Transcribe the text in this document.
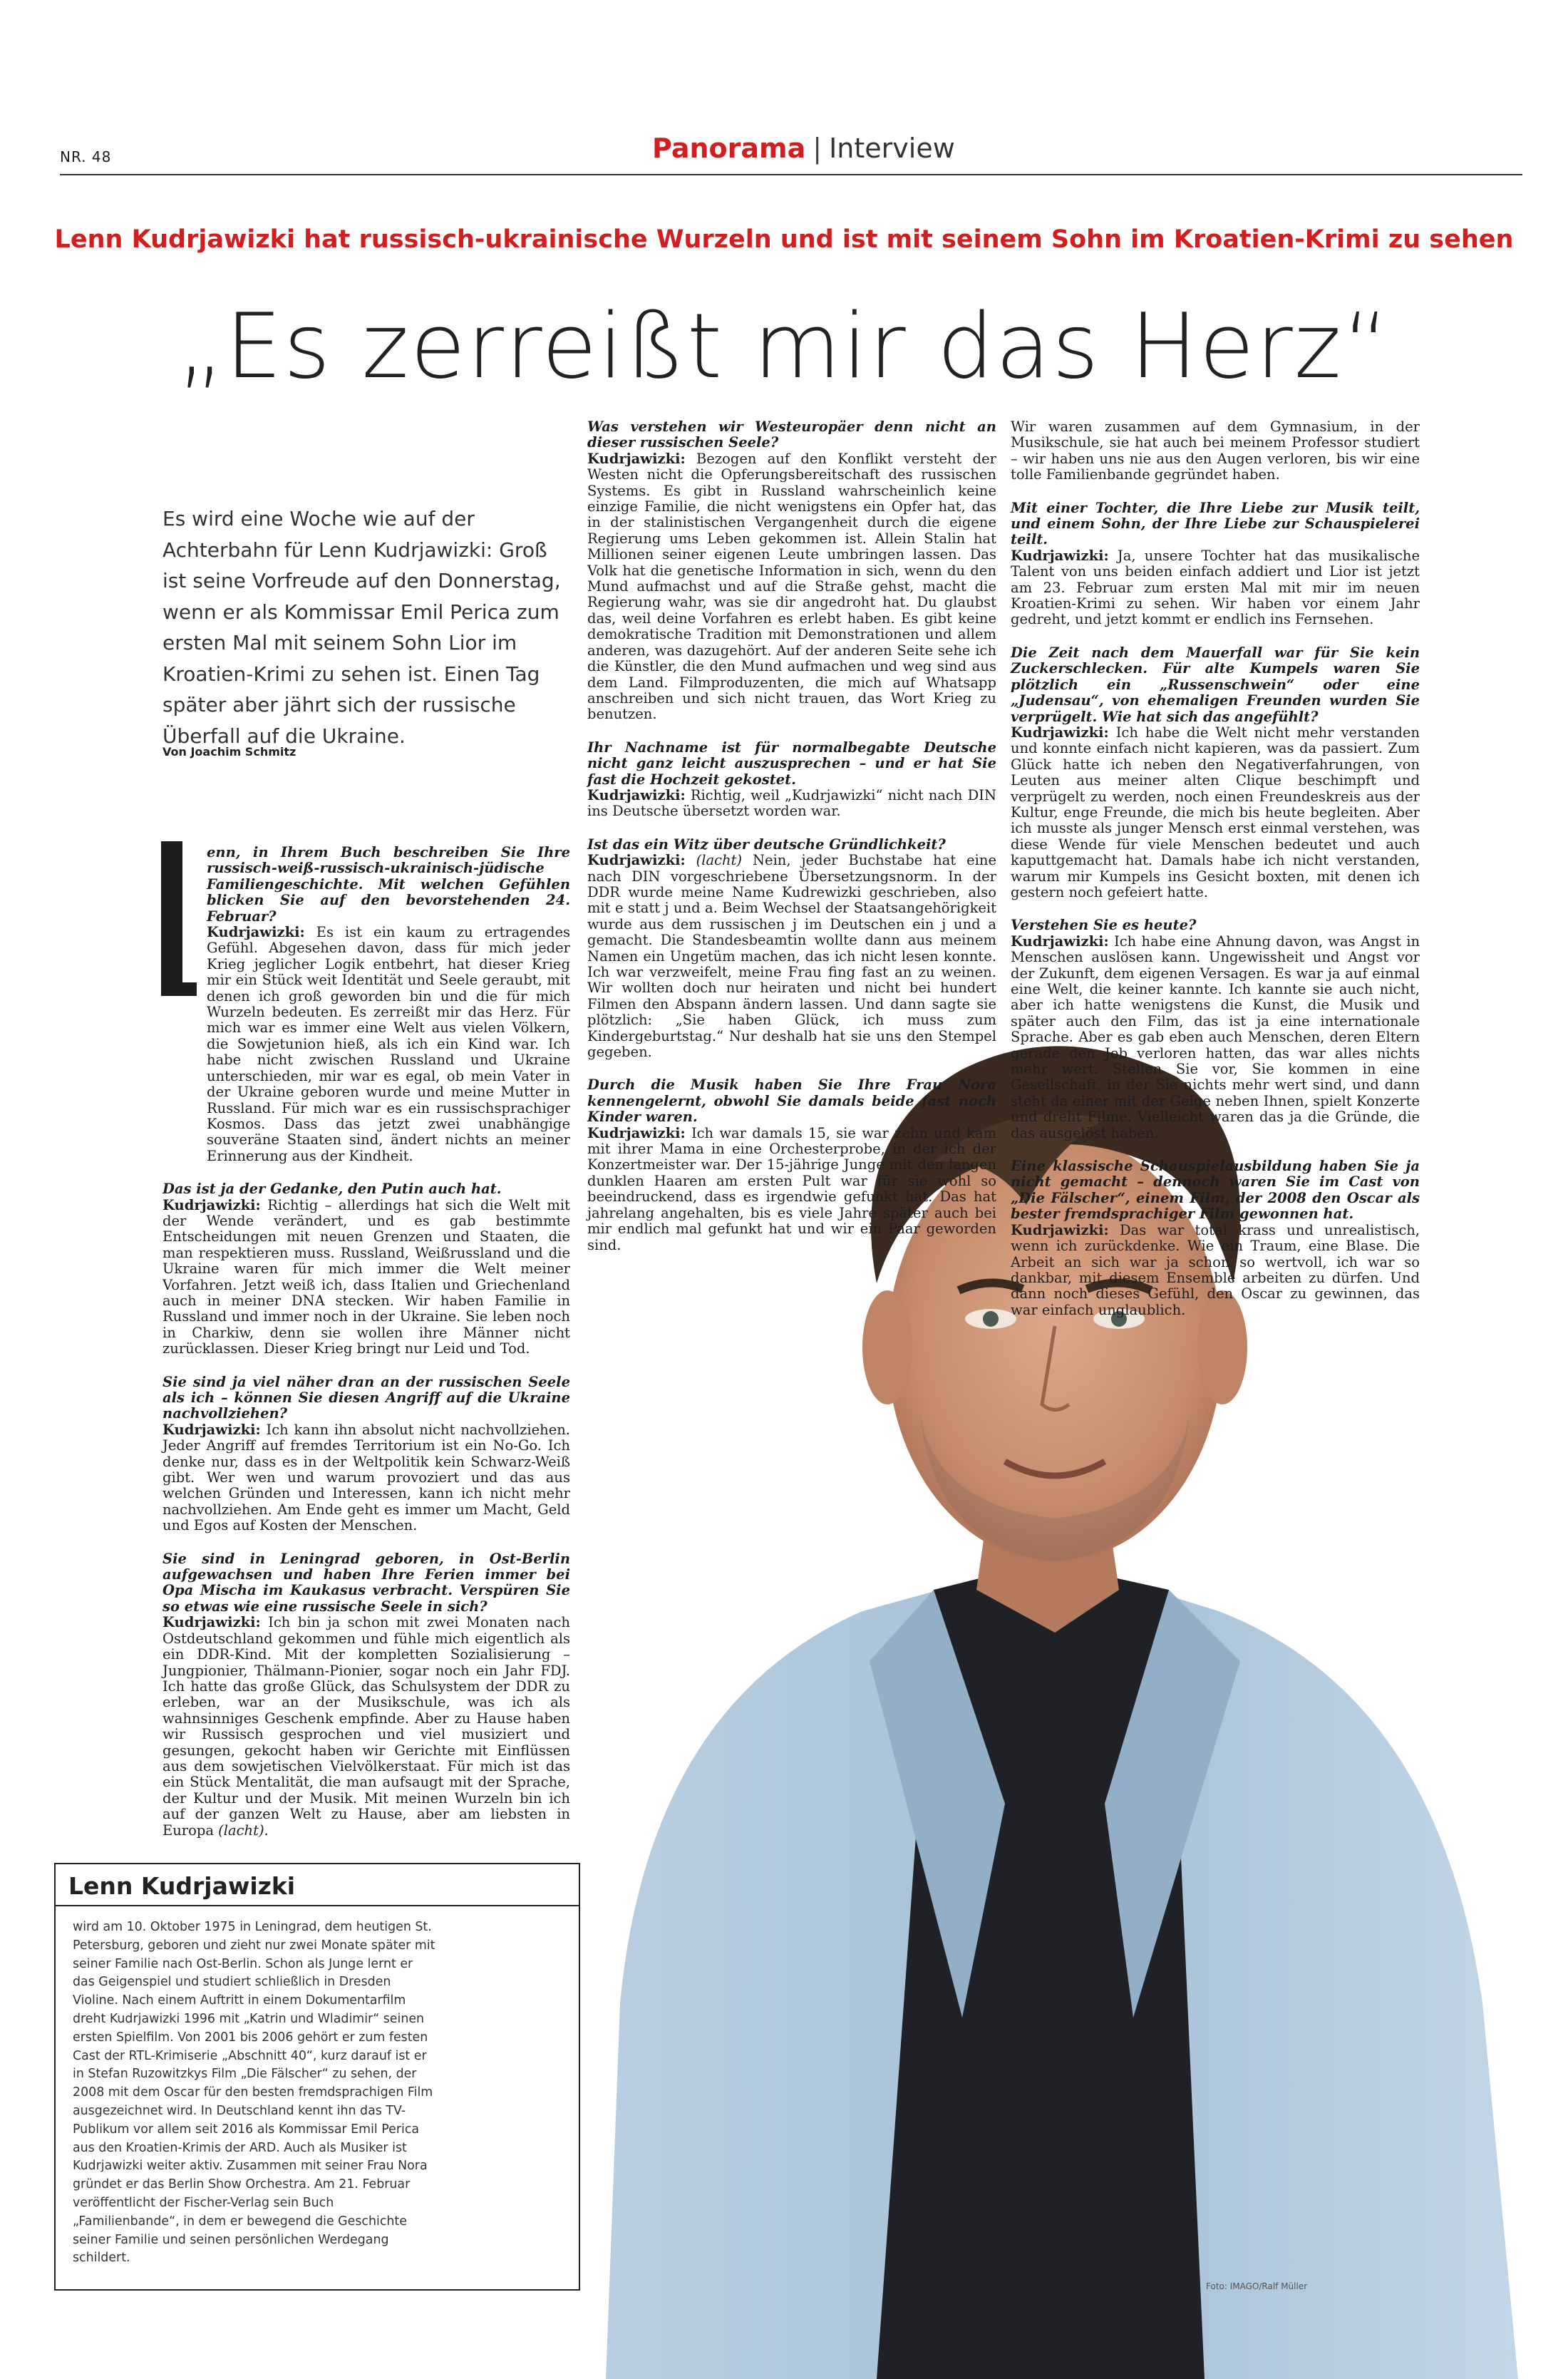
NR. 48	Panorama | Interview
Lenn Kudrjawizki hat russisch-ukrainische Wurzeln und ist mit seinem Sohn im Kroatien-Krimi zu sehen
„Es zerreißt mir das Herz“
Es wird eine Woche wie auf der Achterbahn für Lenn Kudrjawizki: Groß ist seine Vorfreude auf den Donnerstag, wenn er als Kommissar Emil Perica zum ersten Mal mit seinem Sohn Lior im Kroatien-Krimi zu sehen ist. Einen Tag später aber jährt sich der russische Überfall auf die Ukraine.
Von Joachim Schmitz

enn, in Ihrem Buch beschreiben Sie Ihre russisch-weiß-russisch-ukrainisch-jüdische Familiengeschichte. Mit welchen Gefühlen blicken Sie auf den bevorstehenden 24. Februar?

Kudrjawizki: Es ist ein kaum zu ertragendes Gefühl. Abgesehen davon, dass für mich jeder Krieg jeglicher Logik entbehrt, hat dieser Krieg mir ein Stück weit Identität und Seele geraubt, mit denen ich groß geworden bin und die für mich Wurzeln bedeuten. Es zerreißt mir das Herz. Für mich war es immer eine Welt aus vielen Völkern, die Sowjetunion hieß, als ich ein Kind war. Ich habe nicht zwischen Russland und Ukraine unterschieden, mir war es egal, ob mein Vater in der Ukraine geboren wurde und meine Mutter in Russland. Für mich war es ein russischsprachiger Kosmos. Dass das jetzt zwei unabhängige souveräne Staaten sind, ändert nichts an meiner Erinnerung aus der Kindheit.

Das ist ja der Gedanke, den Putin auch hat.

Kudrjawizki: Richtig – allerdings hat sich die Welt mit der Wende verändert, und es gab bestimmte Entscheidungen mit neuen Grenzen und Staaten, die man respektieren muss. Russland, Weißrussland und die Ukraine waren für mich immer die Welt meiner Vorfahren. Jetzt weiß ich, dass Italien und Griechenland auch in meiner DNA stecken. Wir haben Familie in Russland und immer noch in der Ukraine. Sie leben noch in Charkiw, denn sie wollen ihre Männer nicht zurücklassen. Dieser Krieg bringt nur Leid und Tod.

Sie sind ja viel näher dran an der russischen Seele als ich – können Sie diesen Angriff auf die Ukraine nachvollziehen?

Kudrjawizki: Ich kann ihn absolut nicht nachvollziehen. Jeder Angriff auf fremdes Territorium ist ein No-Go. Ich denke nur, dass es in der Weltpolitik kein Schwarz-Weiß gibt. Wer wen und warum provoziert und das aus welchen Gründen und Interessen, kann ich nicht mehr nachvollziehen. Am Ende geht es immer um Macht, Geld und Egos auf Kosten der Menschen.

Sie sind in Leningrad geboren, in Ost-Berlin aufgewachsen und haben Ihre Ferien immer bei Opa Mischa im Kaukasus verbracht. Verspüren Sie so etwas wie eine russische Seele in sich?

Kudrjawizki: Ich bin ja schon mit zwei Monaten nach Ostdeutschland gekommen und fühle mich eigentlich als ein DDR-Kind. Mit der kompletten Sozialisierung – Jungpionier, Thälmann-Pionier, sogar noch ein Jahr FDJ. Ich hatte das große Glück, das Schulsystem der DDR zu erleben, war an der Musikschule, was ich als wahnsinniges Geschenk empfinde. Aber zu Hause haben wir Russisch gesprochen und viel musiziert und gesungen, gekocht haben wir Gerichte mit Einflüssen aus dem sowjetischen Vielvölkerstaat. Für mich ist das ein Stück Mentalität, die man aufsaugt mit der Sprache, der Kultur und der Musik. Mit meinen Wurzeln bin ich auf der ganzen Welt zu Hause, aber am liebsten in Europa (lacht).

Was verstehen wir Westeuropäer denn nicht an dieser russischen Seele?

Kudrjawizki: Bezogen auf den Konflikt versteht der Westen nicht die Opferungsbereitschaft des russischen Systems. Es gibt in Russland wahrscheinlich keine einzige Familie, die nicht wenigstens ein Opfer hat, das in der stalinistischen Vergangenheit durch die eigene Regierung ums Leben gekommen ist. Allein Stalin hat Millionen seiner eigenen Leute umbringen lassen. Das Volk hat die genetische Information in sich, wenn du den Mund aufmachst und auf die Straße gehst, macht die Regierung wahr, was sie dir angedroht hat. Du glaubst das, weil deine Vorfahren es erlebt haben. Es gibt keine demokratische Tradition mit Demonstrationen und allem anderen, was dazugehört. Auf der anderen Seite sehe ich die Künstler, die den Mund aufmachen und weg sind aus dem Land. Filmproduzenten, die mich auf Whatsapp anschreiben und sich nicht trauen, das Wort Krieg zu benutzen.

Ihr Nachname ist für normalbegabte Deutsche nicht ganz leicht auszusprechen – und er hat Sie fast die Hochzeit gekostet.

Kudrjawizki: Richtig, weil „Kudrjawizki“ nicht nach DIN ins Deutsche übersetzt worden war.

Ist das ein Witz über deutsche Gründlichkeit?

Kudrjawizki: (lacht) Nein, jeder Buchstabe hat eine nach DIN vorgeschriebene Übersetzungsnorm. In der DDR wurde meine Name Kudrewizki geschrieben, also mit e statt j und a. Beim Wechsel der Staatsangehörigkeit wurde aus dem russischen j im Deutschen ein j und a gemacht. Die Standesbeamtin wollte dann aus meinem Namen ein Ungetüm machen, das ich nicht lesen konnte. Ich war verzweifelt, meine Frau fing fast an zu weinen. Wir wollten doch nur heiraten und nicht bei hundert Filmen den Abspann ändern lassen. Und dann sagte sie plötzlich: „Sie haben Glück, ich muss zum Kindergeburtstag.“ Nur deshalb hat sie uns den Stempel gegeben.

Durch die Musik haben Sie Ihre Frau Nora kennengelernt, obwohl Sie damals beide fast noch Kinder waren.

Kudrjawizki: Ich war damals 15, sie war zehn und kam mit ihrer Mama in eine Orchesterprobe, in der ich der Konzertmeister war. Der 15-jährige Junge mit den langen dunklen Haaren am ersten Pult war für sie wohl so beeindruckend, dass es irgendwie gefunkt hat. Das hat jahrelang angehalten, bis es viele Jahre später auch bei mir endlich mal gefunkt hat und wir ein Paar geworden sind.

Wir waren zusammen auf dem Gymnasium, in der Musikschule, sie hat auch bei meinem Professor studiert – wir haben uns nie aus den Augen verloren, bis wir eine tolle Familienbande gegründet haben.

Mit einer Tochter, die Ihre Liebe zur Musik teilt, und einem Sohn, der Ihre Liebe zur Schauspielerei teilt.

Kudrjawizki: Ja, unsere Tochter hat das musikalische Talent von uns beiden einfach addiert und Lior ist jetzt am 23. Februar zum ersten Mal mit mir im neuen Kroatien-Krimi zu sehen. Wir haben vor einem Jahr gedreht, und jetzt kommt er endlich ins Fernsehen.

Die Zeit nach dem Mauerfall war für Sie kein Zuckerschlecken. Für alte Kumpels waren Sie plötzlich ein „Russenschwein“ oder eine „Judensau“, von ehemaligen Freunden wurden Sie verprügelt. Wie hat sich das angefühlt?

Kudrjawizki: Ich habe die Welt nicht mehr verstanden und konnte einfach nicht kapieren, was da passiert. Zum Glück hatte ich neben den Negativerfahrungen, von Leuten aus meiner alten Clique beschimpft und verprügelt zu werden, noch einen Freundeskreis aus der Kultur, enge Freunde, die mich bis heute begleiten. Aber ich musste als junger Mensch erst einmal verstehen, was diese Wende für viele Menschen bedeutet und auch kaputtgemacht hat. Damals habe ich nicht verstanden, warum mir Kumpels ins Gesicht boxten, mit denen ich gestern noch gefeiert hatte.

Verstehen Sie es heute?

Kudrjawizki: Ich habe eine Ahnung davon, was Angst in Menschen auslösen kann. Ungewissheit und Angst vor der Zukunft, dem eigenen Versagen. Es war ja auf einmal eine Welt, die keiner kannte. Ich kannte sie auch nicht, aber ich hatte wenigstens die Kunst, die Musik und später auch den Film, das ist ja eine internationale Sprache. Aber es gab eben auch Menschen, deren Eltern gerade den Job verloren hatten, das war alles nichts mehr wert. Stellen Sie vor, Sie kommen in eine Gesellschaft, in der Sie nichts mehr wert sind, und dann steht da einer mit der Geige neben Ihnen, spielt Konzerte und dreht Filme. Vielleicht waren das ja die Gründe, die das ausgelöst haben.

Eine klassische Schauspielausbildung haben Sie ja nicht gemacht – dennoch waren Sie im Cast von „Die Fälscher“, einem Film, der 2008 den Oscar als bester fremdsprachiger Film gewonnen hat.

Kudrjawizki: Das war total krass und unrealistisch, wenn ich zurückdenke. Wie ein Traum, eine Blase. Die Arbeit an sich war ja schon so wertvoll, ich war so dankbar, mit diesem Ensemble arbeiten zu dürfen. Und dann noch dieses Gefühl, den Oscar zu gewinnen, das war einfach unglaublich.

Lenn Kudrjawizki
wird am 10. Oktober 1975 in Leningrad, dem heutigen St. Petersburg, geboren und zieht nur zwei Monate später mit seiner Familie nach Ost-Berlin. Schon als Junge lernt er das Geigenspiel und studiert schließlich in Dresden Violine. Nach einem Auftritt in einem Dokumentarfilm dreht Kudrjawizki 1996 mit „Katrin und Wladimir“ seinen ersten Spielfilm. Von 2001 bis 2006 gehört er zum festen Cast der RTL-Krimiserie „Abschnitt 40“, kurz darauf ist er in Stefan Ruzowitzkys Film „Die Fälscher“ zu sehen, der 2008 mit dem Oscar für den besten fremdsprachigen Film ausgezeichnet wird. In Deutschland kennt ihn das TV-Publikum vor allem seit 2016 als Kommissar Emil Perica aus den Kroatien-Krimis der ARD. Auch als Musiker ist Kudrjawizki weiter aktiv. Zusammen mit seiner Frau Nora gründet er das Berlin Show Orchestra. Am 21. Februar veröffentlicht der Fischer-Verlag sein Buch „Familienbande“, in dem er bewegend die Geschichte seiner Familie und seinen persönlichen Werdegang schildert.
Foto: IMAGO/Ralf Müller
